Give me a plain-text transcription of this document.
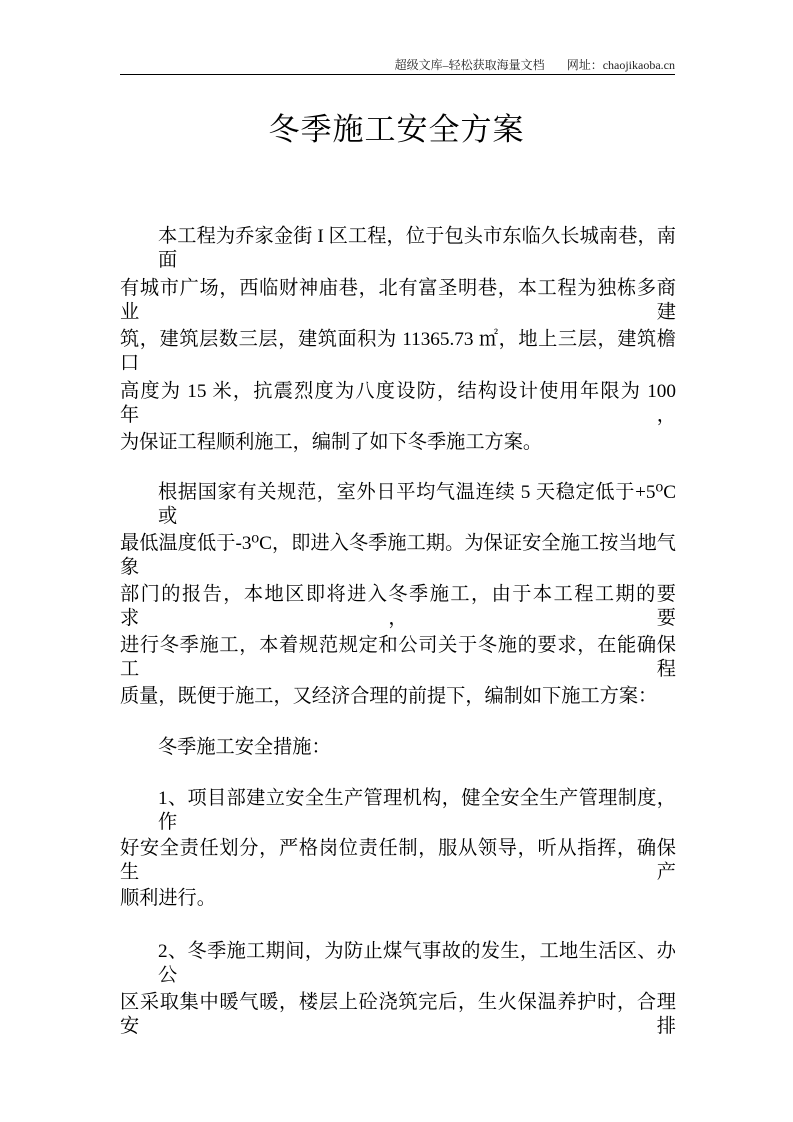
超级文库–轻松获取海量文档 网址：chaojikaoba.cn
冬季施工安全方案
本工程为乔家金街 I 区工程，位于包头市东临久长城南巷，南面
有城市广场，西临财神庙巷，北有富圣明巷，本工程为独栋多商业建
筑，建筑层数三层，建筑面积为 11365.73 ㎡，地上三层，建筑檐口
高度为 15 米，抗震烈度为八度设防，结构设计使用年限为 100 年，
为保证工程顺利施工，编制了如下冬季施工方案。
根据国家有关规范，室外日平均气温连续 5 天稳定低于+5⁰C 或
最低温度低于-3⁰C，即进入冬季施工期。为保证安全施工按当地气象
部门的报告，本地区即将进入冬季施工，由于本工程工期的要求，要
进行冬季施工，本着规范规定和公司关于冬施的要求，在能确保工程
质量，既便于施工，又经济合理的前提下，编制如下施工方案：
冬季施工安全措施：
1、项目部建立安全生产管理机构，健全安全生产管理制度，作
好安全责任划分，严格岗位责任制，服从领导，听从指挥，确保生产
顺利进行。
2、冬季施工期间，为防止煤气事故的发生，工地生活区、办公
区采取集中暖气暖，楼层上砼浇筑完后，生火保温养护时，合理安排
